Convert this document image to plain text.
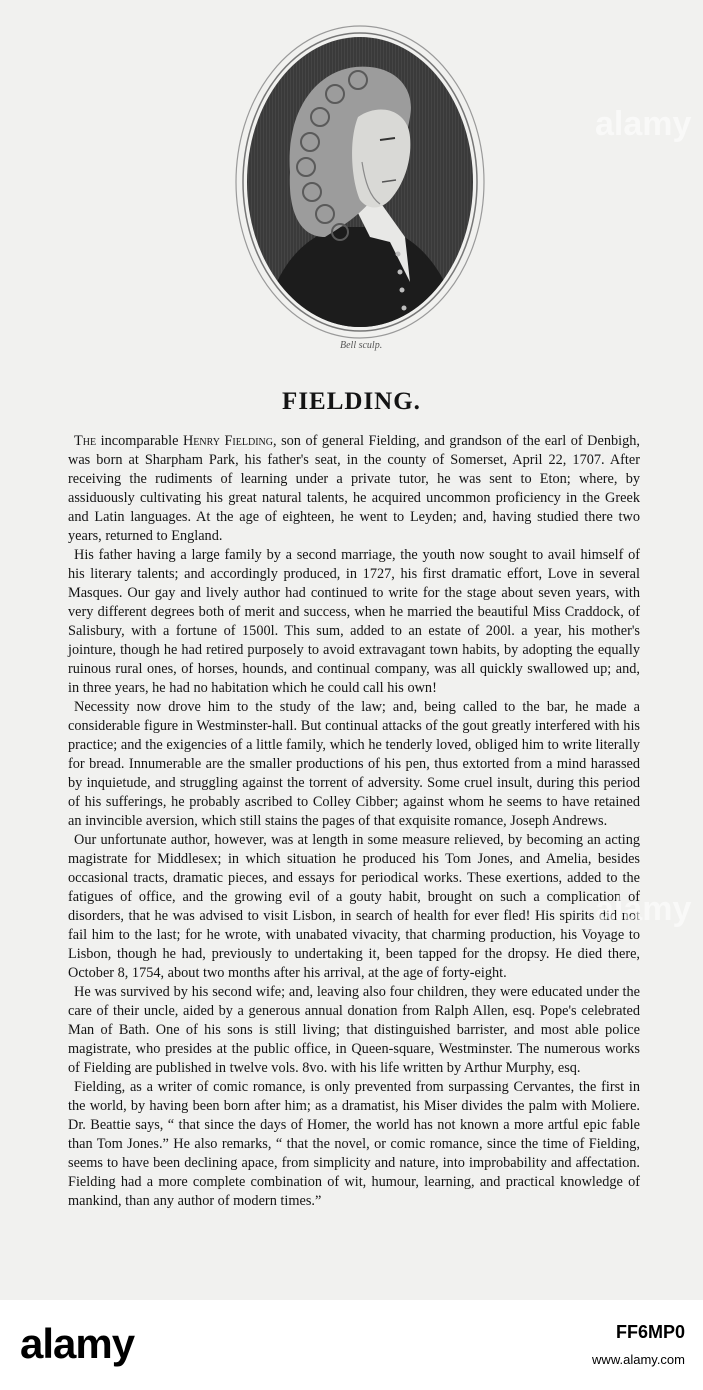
Bell sculp.
FIELDING.

The incomparable Henry Fielding, son of general Fielding, and grandson of the earl of Denbigh, was born at Sharpham Park, his father's seat, in the county of Somerset, April 22, 1707. After receiving the rudiments of learning under a private tutor, he was sent to Eton; where, by assiduously cultivating his great natural talents, he acquired uncommon proficiency in the Greek and Latin languages. At the age of eighteen, he went to Leyden; and, having studied there two years, returned to England.

His father having a large family by a second marriage, the youth now sought to avail himself of his literary talents; and accordingly produced, in 1727, his first dramatic effort, Love in several Masques. Our gay and lively author had continued to write for the stage about seven years, with very different degrees both of merit and success, when he married the beautiful Miss Craddock, of Salisbury, with a fortune of 1500l. This sum, added to an estate of 200l. a year, his mother's jointure, though he had retired purposely to avoid extravagant town habits, by adopting the equally ruinous rural ones, of horses, hounds, and continual company, was all quickly swallowed up; and, in three years, he had no habitation which he could call his own!

Necessity now drove him to the study of the law; and, being called to the bar, he made a considerable figure in Westminster-hall. But continual attacks of the gout greatly interfered with his practice; and the exigencies of a little family, which he tenderly loved, obliged him to write literally for bread. Innumerable are the smaller productions of his pen, thus extorted from a mind harassed by inquietude, and struggling against the torrent of adversity. Some cruel insult, during this period of his sufferings, he probably ascribed to Colley Cibber; against whom he seems to have retained an invincible aversion, which still stains the pages of that exquisite romance, Joseph Andrews.

Our unfortunate author, however, was at length in some measure relieved, by becoming an acting magistrate for Middlesex; in which situation he produced his Tom Jones, and Amelia, besides occasional tracts, dramatic pieces, and essays for periodical works. These exertions, added to the fatigues of office, and the growing evil of a gouty habit, brought on such a complication of disorders, that he was advised to visit Lisbon, in search of health for ever fled! His spirits did not fail him to the last; for he wrote, with unabated vivacity, that charming production, his Voyage to Lisbon, though he had, previously to undertaking it, been tapped for the dropsy. He died there, October 8, 1754, about two months after his arrival, at the age of forty-eight.

He was survived by his second wife; and, leaving also four children, they were educated under the care of their uncle, aided by a generous annual donation from Ralph Allen, esq. Pope's celebrated Man of Bath. One of his sons is still living; that distinguished barrister, and most able police magistrate, who presides at the public office, in Queen-square, Westminster. The numerous works of Fielding are published in twelve vols. 8vo. with his life written by Arthur Murphy, esq.

Fielding, as a writer of comic romance, is only prevented from surpassing Cervantes, the first in the world, by having been born after him; as a dramatist, his Miser divides the palm with Moliere. Dr. Beattie says, “ that since the days of Homer, the world has not known a more artful epic fable than Tom Jones.” He also remarks, “ that the novel, or comic romance, since the time of Fielding, seems to have been declining apace, from simplicity and nature, into improbability and affectation. Fielding had a more complete combination of wit, humour, learning, and practical knowledge of mankind, than any author of modern times.”

alamy
alamy
alamy	FF6MP0
www.alamy.com
